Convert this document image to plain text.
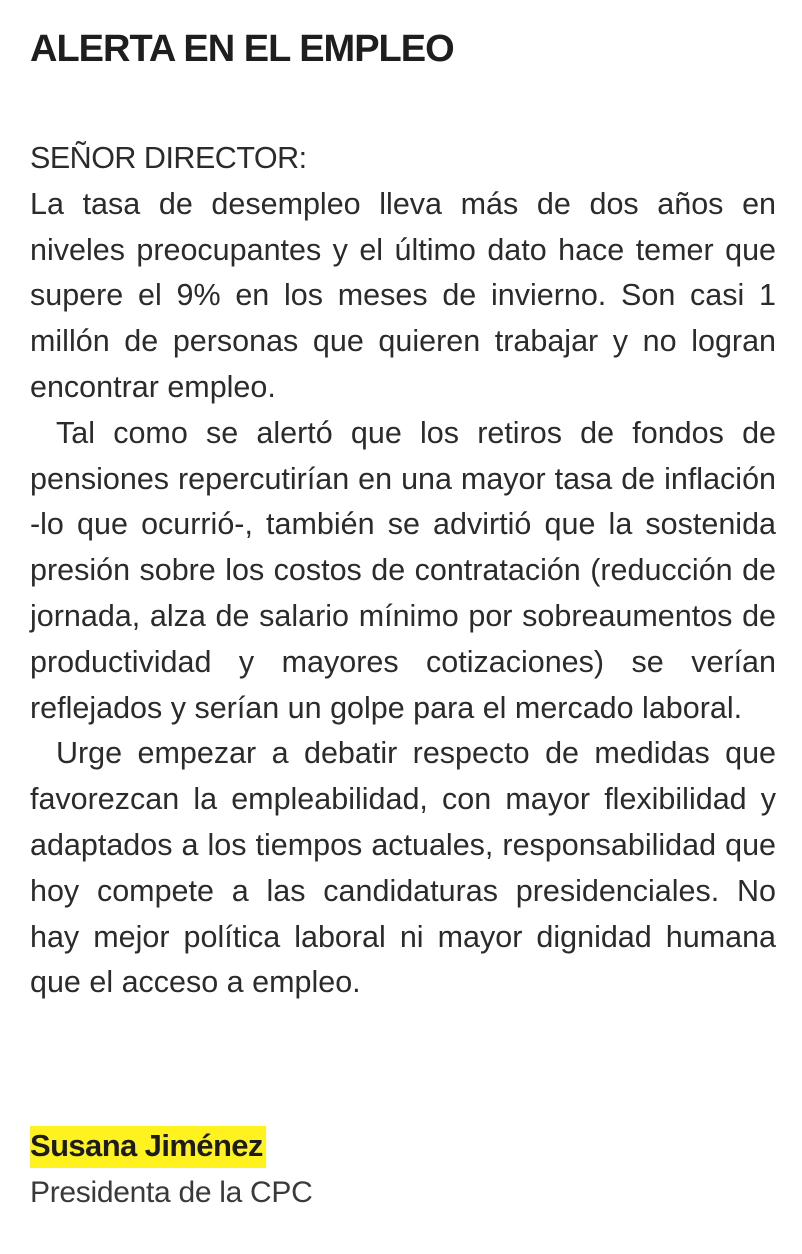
ALERTA EN EL EMPLEO
SEÑOR DIRECTOR:

La tasa de desempleo lleva más de dos años en niveles preocupantes y el último dato hace temer que supere el 9% en los meses de invierno. Son casi 1 millón de personas que quieren trabajar y no logran encontrar empleo.

Tal como se alertó que los retiros de fondos de pensiones repercutirían en una mayor tasa de inflación -lo que ocurrió-, también se advirtió que la sostenida presión sobre los costos de contratación (reducción de jornada, alza de salario mínimo por sobreaumentos de productividad y mayores cotizaciones) se verían reflejados y serían un golpe para el mercado laboral.

Urge empezar a debatir respecto de medidas que favorezcan la empleabilidad, con mayor flexibilidad y adaptados a los tiempos actuales, responsabilidad que hoy compete a las candidaturas presidenciales. No hay mejor política laboral ni mayor dignidad humana que el acceso a empleo.

Susana Jiménez
Presidenta de la CPC
